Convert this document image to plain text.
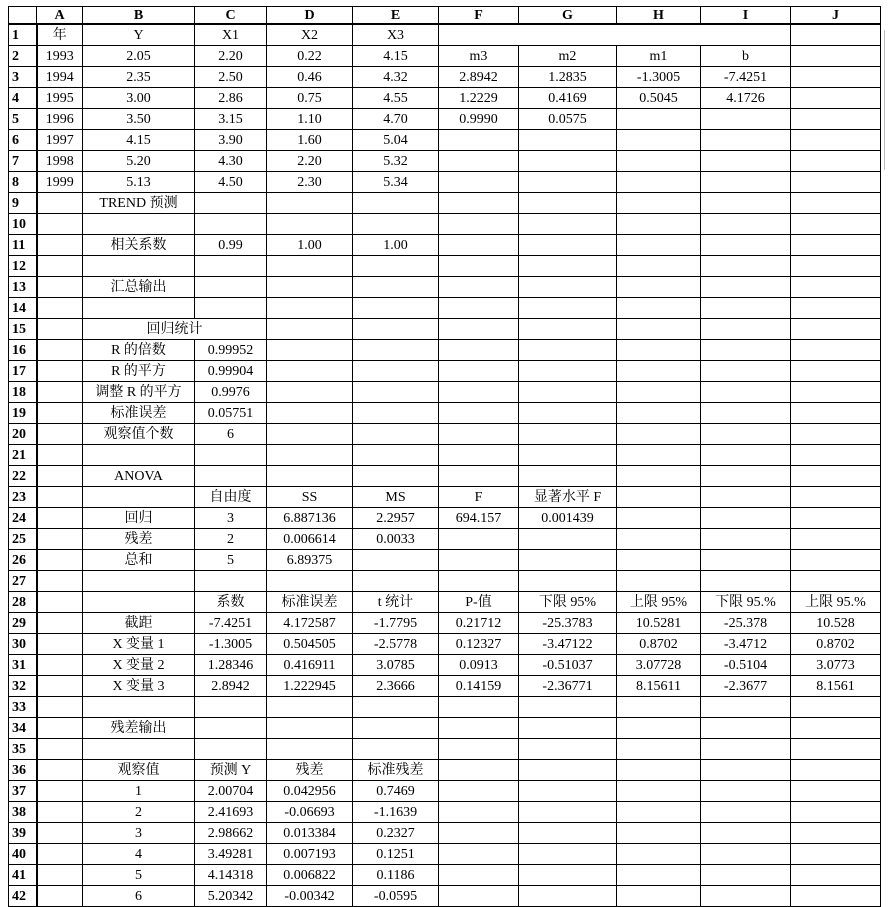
	A	B	C	D	E	F	G	H	I	J
1	年	Y	X1	X2	X3					
2	1993	2.05	2.20	0.22	4.15	m3	m2	m1	b	
3	1994	2.35	2.50	0.46	4.32	2.8942	1.2835	-1.3005	-7.4251	
4	1995	3.00	2.86	0.75	4.55	1.2229	0.4169	0.5045	4.1726	
5	1996	3.50	3.15	1.10	4.70	0.9990	0.0575			
6	1997	4.15	3.90	1.60	5.04					
7	1998	5.20	4.30	2.20	5.32					
8	1999	5.13	4.50	2.30	5.34					
9		TREND 预测								
10										
11		相关系数	0.99	1.00	1.00					
12										
13		汇总输出								
14										
15		回归统计								
16		R 的倍数	0.99952							
17		R 的平方	0.99904							
18		调整 R 的平方	0.9976							
19		标准误差	0.05751							
20		观察值个数	6							
21										
22		ANOVA								
23			自由度	SS	MS	F	显著水平 F			
24		回归	3	6.887136	2.2957	694.157	0.001439			
25		残差	2	0.006614	0.0033					
26		总和	5	6.89375						
27										
28			系数	标准误差	t 统计	P-值	下限 95%	上限 95%	下限 95.%	上限 95.%
29		截距	-7.4251	4.172587	-1.7795	0.21712	-25.3783	10.5281	-25.378	10.528
30		X 变量 1	-1.3005	0.504505	-2.5778	0.12327	-3.47122	0.8702	-3.4712	0.8702
31		X 变量 2	1.28346	0.416911	3.0785	0.0913	-0.51037	3.07728	-0.5104	3.0773
32		X 变量 3	2.8942	1.222945	2.3666	0.14159	-2.36771	8.15611	-2.3677	8.1561
33										
34		残差输出								
35										
36		观察值	预测 Y	残差	标准残差					
37		1	2.00704	0.042956	0.7469					
38		2	2.41693	-0.06693	-1.1639					
39		3	2.98662	0.013384	0.2327					
40		4	3.49281	0.007193	0.1251					
41		5	4.14318	0.006822	0.1186					
42		6	5.20342	-0.00342	-0.0595					
